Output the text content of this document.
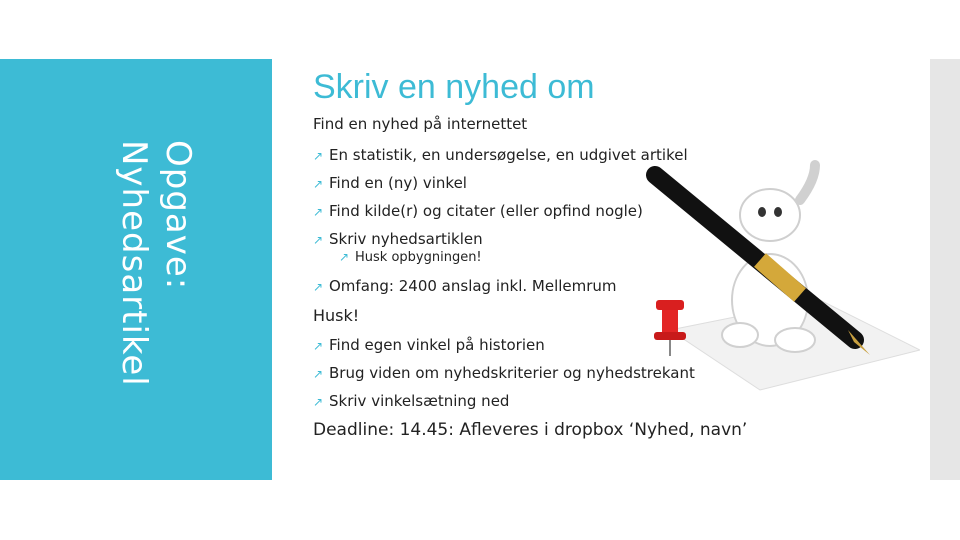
Opgave:
Nyhedsartikel
Skriv en nyhed om
Find en nyhed på internettet
↗ En statistik, en undersøgelse, en udgivet artikel
↗ Find en (ny) vinkel
↗ Find kilde(r) og citater (eller opfind nogle)
↗ Skriv nyhedsartiklen
↗ Husk opbygningen!
↗ Omfang: 2400 anslag inkl. Mellemrum
Husk!
↗ Find egen vinkel på historien
↗ Brug viden om nyhedskriterier og nyhedstrekant
↗ Skriv vinkelsætning ned
Deadline: 14.45: Afleveres i dropbox ‘Nyhed, navn’
